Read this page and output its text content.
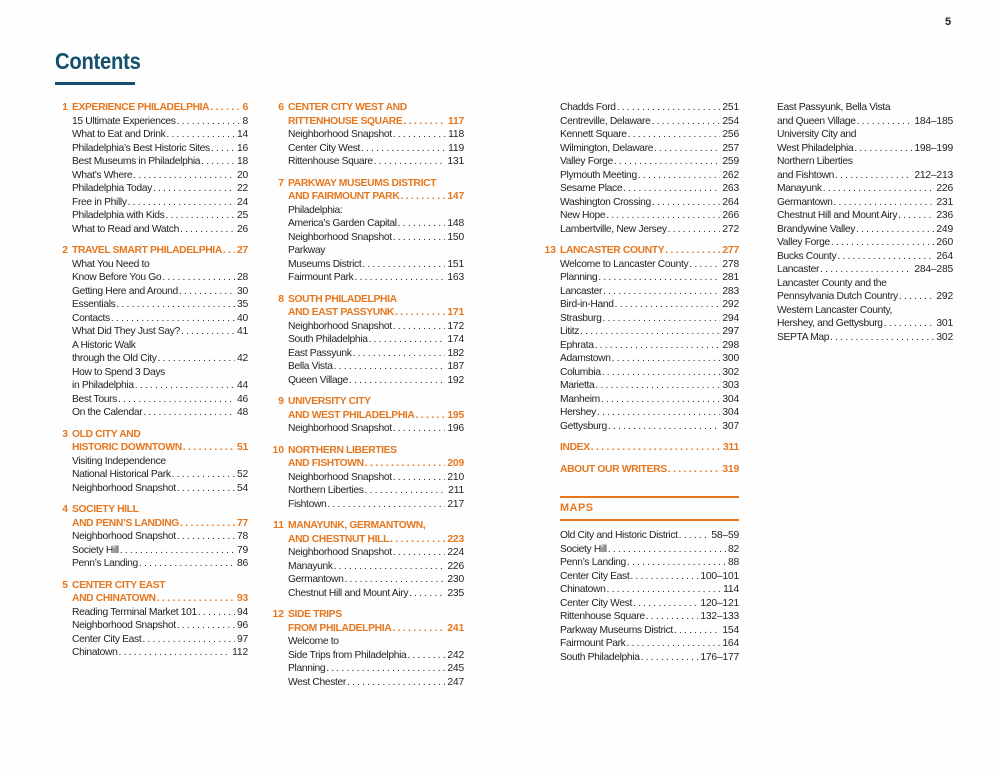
5
Contents
1 EXPERIENCE PHILADELPHIA .....	6
15 Ultimate Experiences .....	8
What to Eat and Drink .....	14
Philadelphia’s Best Historic Sites .....	16
Best Museums in Philadelphia .....	18
What’s Where .....	20
Philadelphia Today .....	22
Free in Philly .....	24
Philadelphia with Kids .....	25
What to Read and Watch .....	26
2 TRAVEL SMART PHILADELPHIA ..... 27
What You Need to
Know Before You Go .....	28
Getting Here and Around .....	30
Essentials .....	35
Contacts .....	40
What Did They Just Say? .....	41
A Historic Walk
through the Old City .....	42
How to Spend 3 Days
in Philadelphia .....	44
Best Tours .....	46
On the Calendar .....	48
3 OLD CITY AND
HISTORIC DOWNTOWN .....	51
Visiting Independence
National Historical Park .....	52
Neighborhood Snapshot .....	54
4 SOCIETY HILL
AND PENN’S LANDING .....	77
Neighborhood Snapshot .....	78
Society Hill .....	79
Penn’s Landing .....	86
5 CENTER CITY EAST
AND CHINATOWN .....	93
Reading Terminal Market 101 .....	94
Neighborhood Snapshot .....	96
Center City East .....	97
Chinatown .....	112
6 CENTER CITY WEST AND
RITTENHOUSE SQUARE .....	117
Neighborhood Snapshot .....	118
Center City West .....	119
Rittenhouse Square .....	131
7 PARKWAY MUSEUMS DISTRICT
AND FAIRMOUNT PARK .....	147
Philadelphia:
America’s Garden Capital .....	148
Neighborhood Snapshot .....	150
Parkway
Museums District .....	151
Fairmount Park .....	163
8 SOUTH PHILADELPHIA
AND EAST PASSYUNK .....	171
Neighborhood Snapshot .....	172
South Philadelphia .....	174
East Passyunk .....	182
Bella Vista .....	187
Queen Village .....	192
9 UNIVERSITY CITY
AND WEST PHILADELPHIA .....	195
Neighborhood Snapshot .....	196
10 NORTHERN LIBERTIES
AND FISHTOWN .....	209
Neighborhood Snapshot .....	210
Northern Liberties .....	211
Fishtown .....	217
11 MANAYUNK, GERMANTOWN,
AND CHESTNUT HILL .....	223
Neighborhood Snapshot .....	224
Manayunk .....	226
Germantown .....	230
Chestnut Hill and Mount Airy .....	235
12 SIDE TRIPS
FROM PHILADELPHIA .....	241
Welcome to
Side Trips from Philadelphia .....	242
Planning .....	245
West Chester .....	247
Chadds Ford .....	251
Centreville, Delaware .....	254
Kennett Square .....	256
Wilmington, Delaware .....	257
Valley Forge .....	259
Plymouth Meeting .....	262
Sesame Place .....	263
Washington Crossing .....	264
New Hope .....	266
Lambertville, New Jersey .....	272
13 LANCASTER COUNTY .....	277
Welcome to Lancaster County .....	278
Planning .....	281
Lancaster .....	283
Bird-in-Hand .....	292
Strasburg .....	294
Lititz .....	297
Ephrata .....	298
Adamstown .....	300
Columbia .....	302
Marietta .....	303
Manheim .....	304
Hershey .....	304
Gettysburg .....	307
INDEX .....	311
ABOUT OUR WRITERS .....	319
MAPS
Old City and Historic District .....	58–59
Society Hill .....	82
Penn’s Landing .....	88
Center City East .....	100–101
Chinatown .....	114
Center City West .....	120–121
Rittenhouse Square .....	132–133
Parkway Museums District .....	154
Fairmount Park .....	164
South Philadelphia .....	176–177
East Passyunk, Bella Vista
and Queen Village .....	184–185
University City and
West Philadelphia .....	198–199
Northern Liberties
and Fishtown .....	212–213
Manayunk .....	226
Germantown .....	231
Chestnut Hill and Mount Airy .....	236
Brandywine Valley .....	249
Valley Forge .....	260
Bucks County .....	264
Lancaster .....	284–285
Lancaster County and the
Pennsylvania Dutch Country .....	292
Western Lancaster County,
Hershey, and Gettysburg .....	301
SEPTA Map .....	302
